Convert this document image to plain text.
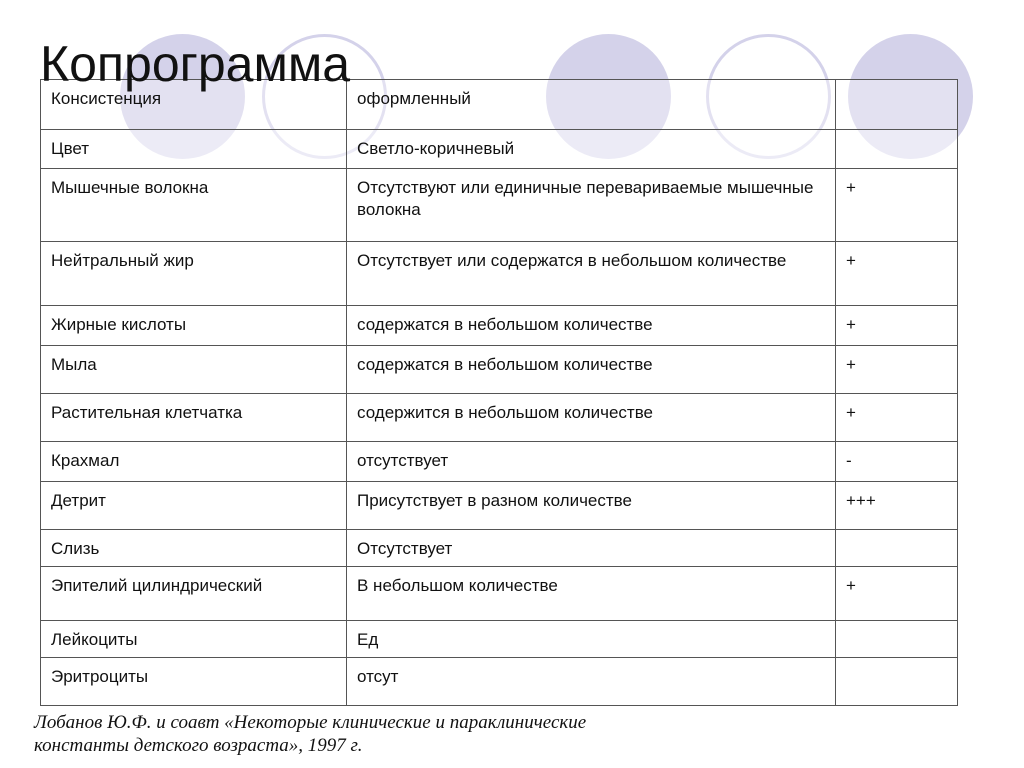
Копрограмма
Консистенция	оформленный	
Цвет	Светло-коричневый	
Мышечные волокна	Отсутствуют или единичные перевариваемые мышечные волокна	+
Нейтральный жир	Отсутствует или содержатся в небольшом количестве	+
Жирные кислоты	содержатся в небольшом количестве	+
Мыла	содержатся в небольшом количестве	+
Растительная клетчатка	содержится в небольшом количестве	+
Крахмал	отсутствует	-
Детрит	Присутствует в разном количестве	+++
Слизь	Отсутствует	
Эпителий цилиндрический	В небольшом количестве	+
Лейкоциты	Ед	
Эритроциты	отсут	

Лобанов Ю.Ф. и соавт «Некоторые клинические и параклинические
константы детского возраста», 1997 г.
